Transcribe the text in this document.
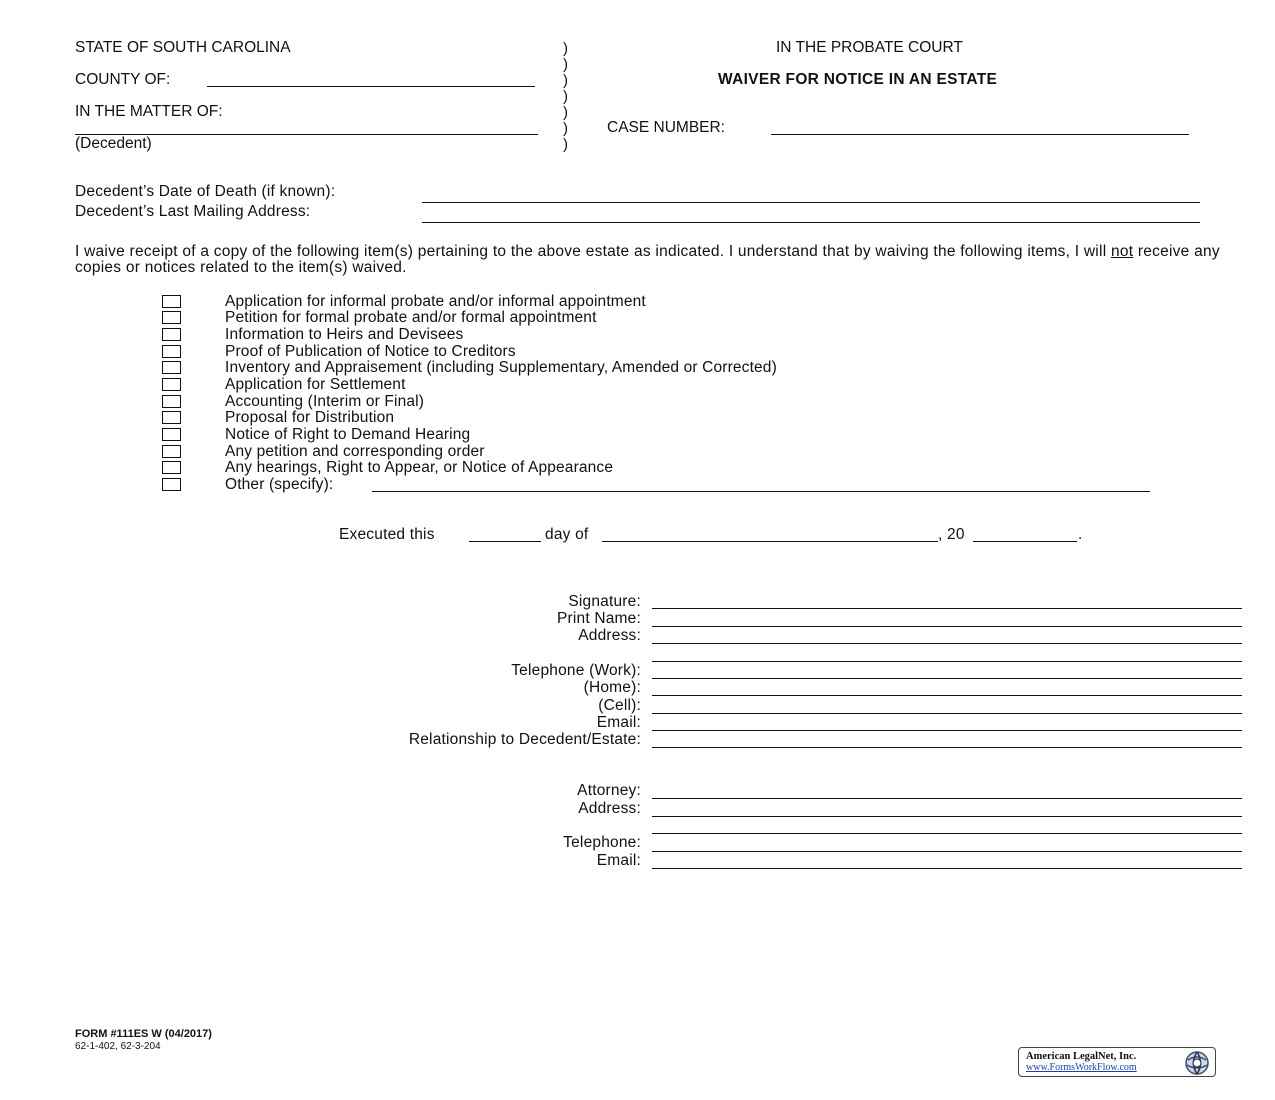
STATE OF SOUTH CAROLINA	IN THE PROBATE COURT
COUNTY OF:	WAIVER FOR NOTICE IN AN ESTATE
IN THE MATTER OF:
CASE NUMBER:
(Decedent)
)
)
)
)
)
)
)
Decedent’s Date of Death (if known):
Decedent’s Last Mailing Address:
I waive receipt of a copy of the following item(s) pertaining to the above estate as indicated. I understand that by waiving the following items, I will not receive any copies or notices related to the item(s) waived.
Application for informal probate and/or informal appointment
Petition for formal probate and/or formal appointment
Information to Heirs and Devisees
Proof of Publication of Notice to Creditors
Inventory and Appraisement (including Supplementary, Amended or Corrected)
Application for Settlement
Accounting (Interim or Final)
Proposal for Distribution
Notice of Right to Demand Hearing
Any petition and corresponding order
Any hearings, Right to Appear, or Notice of Appearance
Other (specify):
Executed this	day of	, 20	.
Signature:
Print Name:
Address:
Telephone (Work):
(Home):
(Cell):
Email:
Relationship to Decedent/Estate:
Attorney:
Address:
Telephone:
Email:
FORM #111ES W (04/2017)
62-1-402, 62-3-204
American LegalNet, Inc.
www.FormsWorkFlow.com
